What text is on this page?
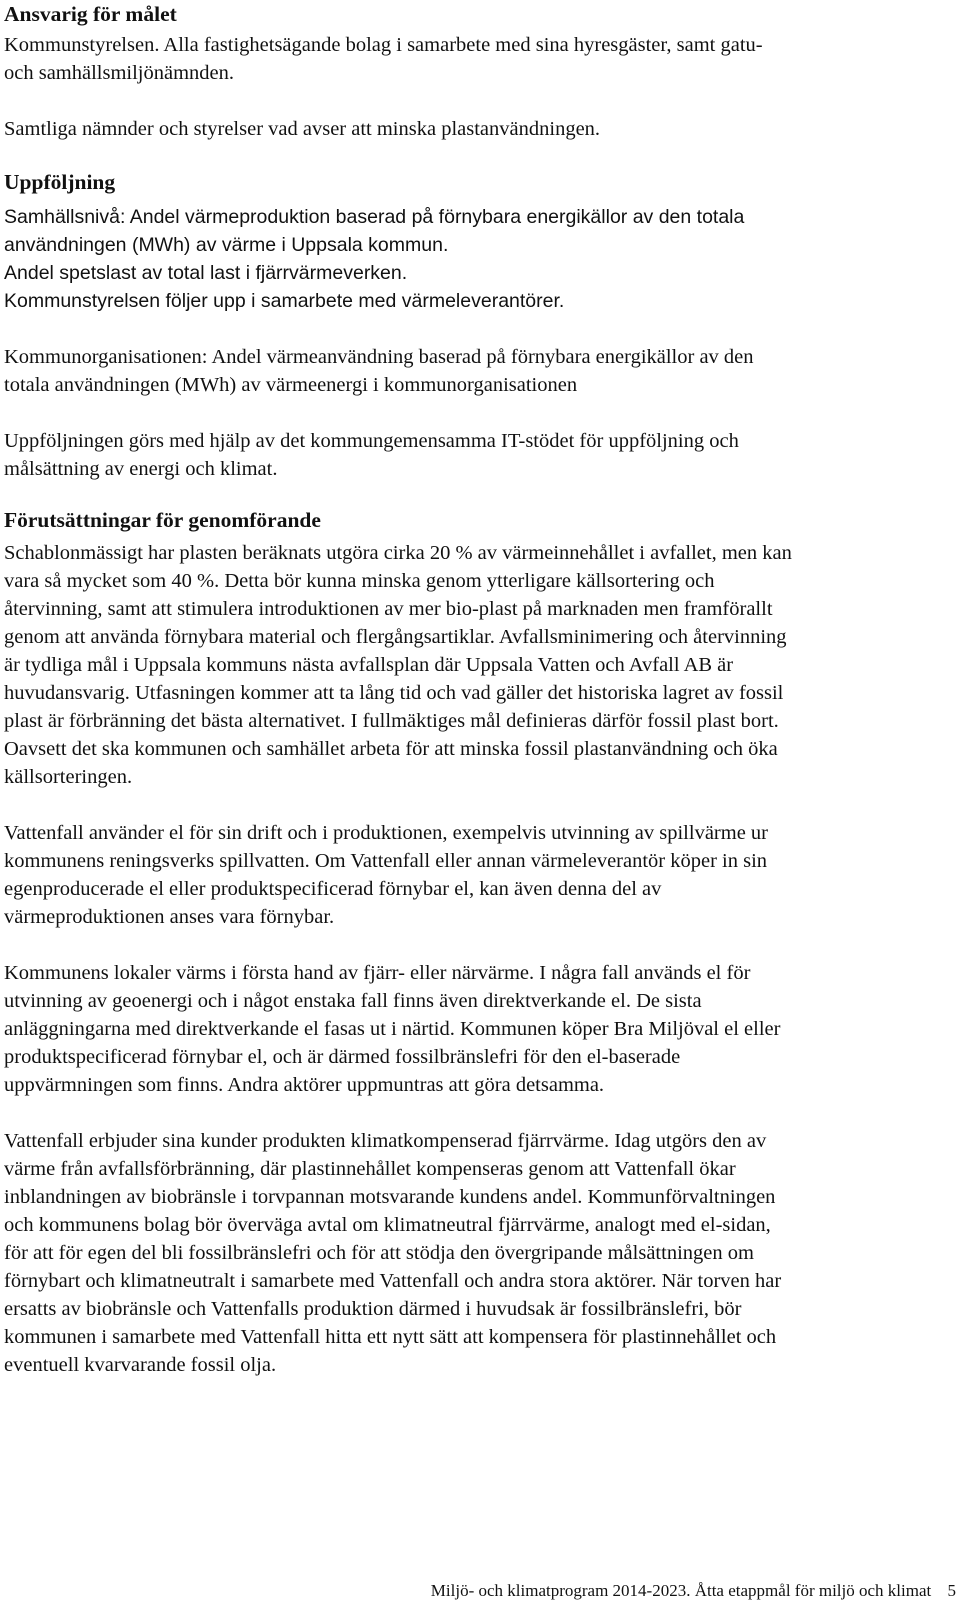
Ansvarig för målet

Kommunstyrelsen. Alla fastighetsägande bolag i samarbete med sina hyresgäster, samt gatu-
och samhällsmiljönämnden.

Samtliga nämnder och styrelser vad avser att minska plastanvändningen.

Uppföljning

Samhällsnivå: Andel värmeproduktion baserad på förnybara energikällor av den totala
användningen (MWh) av värme i Uppsala kommun.
Andel spetslast av total last i fjärrvärmeverken.
Kommunstyrelsen följer upp i samarbete med värmeleverantörer.

Kommunorganisationen: Andel värmeanvändning baserad på förnybara energikällor av den
totala användningen (MWh) av värmeenergi i kommunorganisationen

Uppföljningen görs med hjälp av det kommungemensamma IT-stödet för uppföljning och
målsättning av energi och klimat.

Förutsättningar för genomförande

Schablonmässigt har plasten beräknats utgöra cirka 20 % av värmeinnehållet i avfallet, men kan
vara så mycket som 40 %. Detta bör kunna minska genom ytterligare källsortering och
återvinning, samt att stimulera introduktionen av mer bio-plast på marknaden men framförallt
genom att använda förnybara material och flergångsartiklar. Avfallsminimering och återvinning
är tydliga mål i Uppsala kommuns nästa avfallsplan där Uppsala Vatten och Avfall AB är
huvudansvarig. Utfasningen kommer att ta lång tid och vad gäller det historiska lagret av fossil
plast är förbränning det bästa alternativet. I fullmäktiges mål definieras därför fossil plast bort.
Oavsett det ska kommunen och samhället arbeta för att minska fossil plastanvändning och öka
källsorteringen.

Vattenfall använder el för sin drift och i produktionen, exempelvis utvinning av spillvärme ur
kommunens reningsverks spillvatten. Om Vattenfall eller annan värmeleverantör köper in sin
egenproducerade el eller produktspecificerad förnybar el, kan även denna del av
värmeproduktionen anses vara förnybar.

Kommunens lokaler värms i första hand av fjärr- eller närvärme. I några fall används el för
utvinning av geoenergi och i något enstaka fall finns även direktverkande el. De sista
anläggningarna med direktverkande el fasas ut i närtid. Kommunen köper Bra Miljöval el eller
produktspecificerad förnybar el, och är därmed fossilbränslefri för den el-baserade
uppvärmningen som finns. Andra aktörer uppmuntras att göra detsamma.

Vattenfall erbjuder sina kunder produkten klimatkompenserad fjärrvärme. Idag utgörs den av
värme från avfallsförbränning, där plastinnehållet kompenseras genom att Vattenfall ökar
inblandningen av biobränsle i torvpannan motsvarande kundens andel. Kommunförvaltningen
och kommunens bolag bör överväga avtal om klimatneutral fjärrvärme, analogt med el-sidan,
för att för egen del bli fossilbränslefri och för att stödja den övergripande målsättningen om
förnybart och klimatneutralt i samarbete med Vattenfall och andra stora aktörer. När torven har
ersatts av biobränsle och Vattenfalls produktion därmed i huvudsak är fossilbränslefri, bör
kommunen i samarbete med Vattenfall hitta ett nytt sätt att kompensera för plastinnehållet och
eventuell kvarvarande fossil olja.

Miljö- och klimatprogram 2014-2023. Åtta etappmål för miljö och klimat 5
